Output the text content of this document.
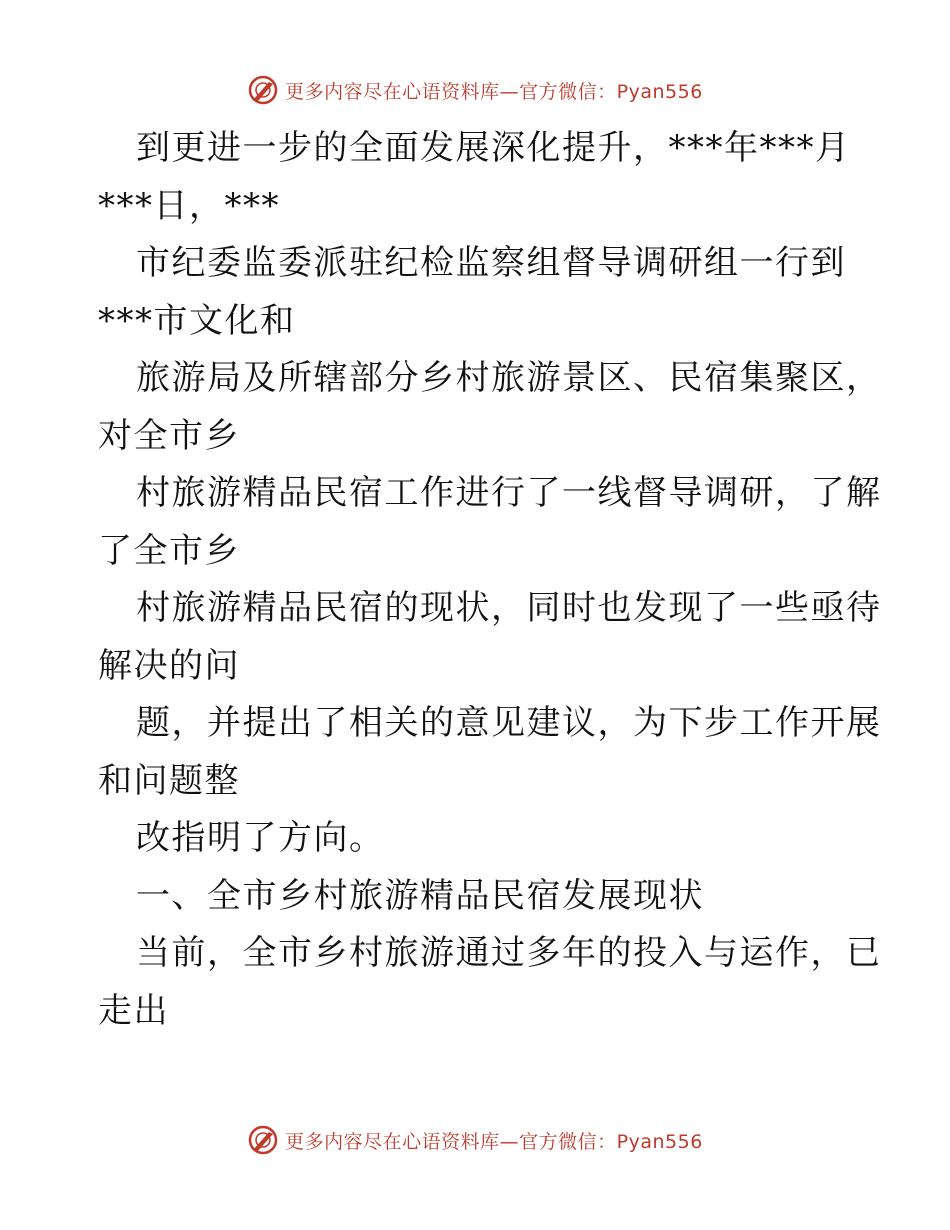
更多内容尽在心语资料库—官方微信：Pyan556
到更进一步的全面发展深化提升，***年***月
***日，***
市纪委监委派驻纪检监察组督导调研组一行到
***市文化和
旅游局及所辖部分乡村旅游景区、民宿集聚区，
对全市乡
村旅游精品民宿工作进行了一线督导调研，了解
了全市乡
村旅游精品民宿的现状，同时也发现了一些亟待
解决的问
题，并提出了相关的意见建议，为下步工作开展
和问题整
改指明了方向。
一、全市乡村旅游精品民宿发展现状
当前，全市乡村旅游通过多年的投入与运作，已
走出
更多内容尽在心语资料库—官方微信：Pyan556
